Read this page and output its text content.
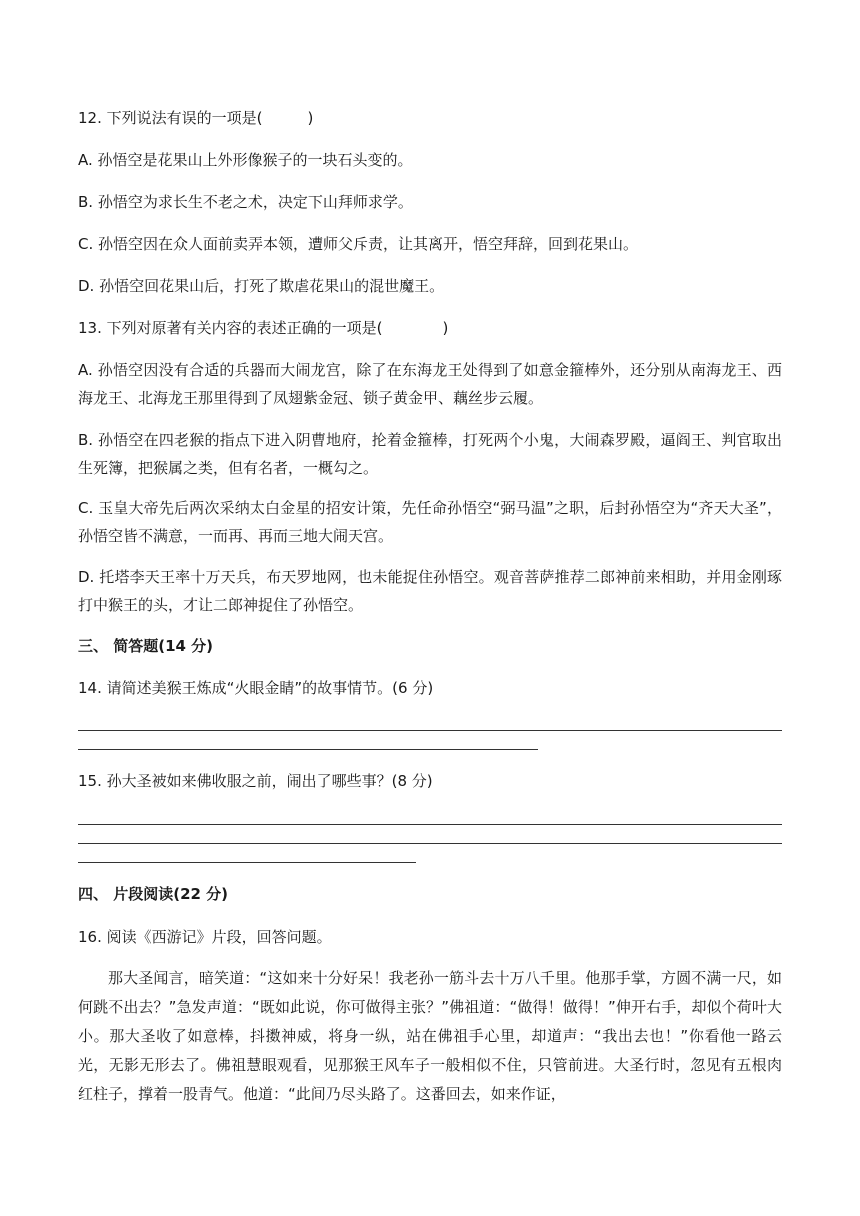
12. 下列说法有误的一项是(　　　)
A. 孙悟空是花果山上外形像猴子的一块石头变的。
B. 孙悟空为求长生不老之术，决定下山拜师求学。
C. 孙悟空因在众人面前卖弄本领，遭师父斥责，让其离开，悟空拜辞，回到花果山。
D. 孙悟空回花果山后，打死了欺虐花果山的混世魔王。
13. 下列对原著有关内容的表述正确的一项是(　　　　)
A. 孙悟空因没有合适的兵器而大闹龙宫，除了在东海龙王处得到了如意金箍棒外，还分别从南海龙王、西海龙王、北海龙王那里得到了凤翅紫金冠、锁子黄金甲、藕丝步云履。
B. 孙悟空在四老猴的指点下进入阴曹地府，抡着金箍棒，打死两个小鬼，大闹森罗殿，逼阎王、判官取出生死簿，把猴属之类，但有名者，一概勾之。
C. 玉皇大帝先后两次采纳太白金星的招安计策，先任命孙悟空“弼马温”之职，后封孙悟空为“齐天大圣”，孙悟空皆不满意，一而再、再而三地大闹天宫。
D. 托塔李天王率十万天兵，布天罗地网，也未能捉住孙悟空。观音菩萨推荐二郎神前来相助，并用金刚琢打中猴王的头，才让二郎神捉住了孙悟空。
三、 简答题(14 分)
14. 请简述美猴王炼成“火眼金睛”的故事情节。(6 分)
15. 孙大圣被如来佛收服之前，闹出了哪些事？(8 分)
四、 片段阅读(22 分)
16. 阅读《西游记》片段，回答问题。
那大圣闻言，暗笑道：“这如来十分好呆！我老孙一筋斗去十万八千里。他那手掌，方圆不满一尺，如何跳不出去？”急发声道：“既如此说，你可做得主张？”佛祖道：“做得！做得！”伸开右手，却似个荷叶大小。那大圣收了如意棒，抖擞神威，将身一纵，站在佛祖手心里，却道声：“我出去也！”你看他一路云光，无影无形去了。佛祖慧眼观看，见那猴王风车子一般相似不住，只管前进。大圣行时，忽见有五根肉红柱子，撑着一股青气。他道：“此间乃尽头路了。这番回去，如来作证，
